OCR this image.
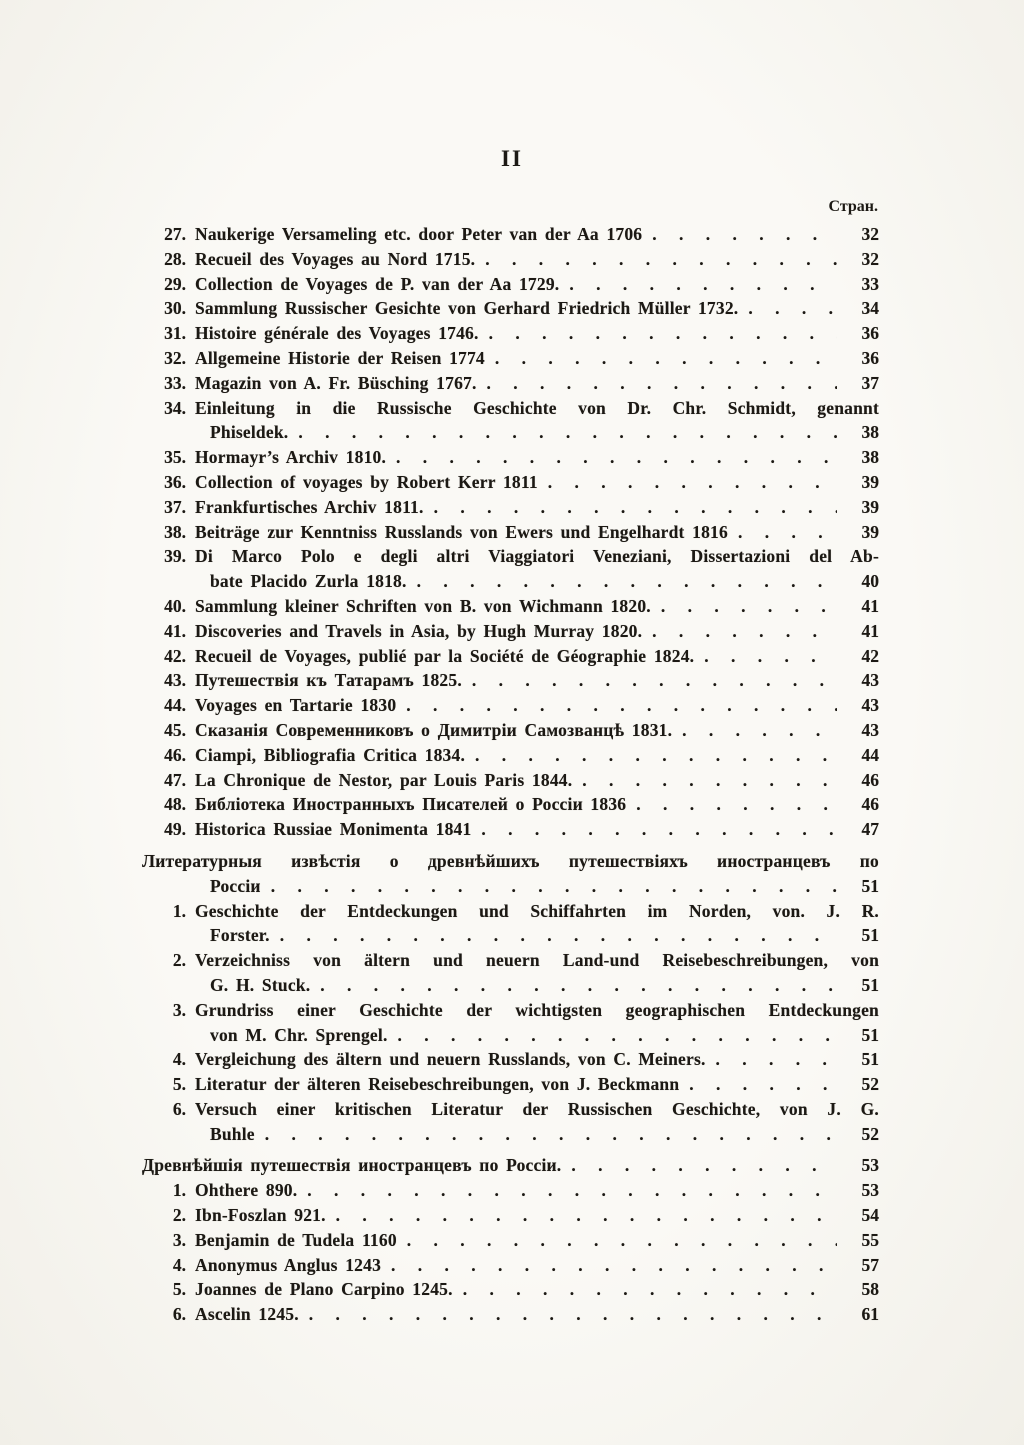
II
Стран.
27. Naukerige Versameling etc. door Peter van der Aa 1706 . . .	32
28. Recueil des Voyages au Nord 1715. . . .	32
29. Collection de Voyages de P. van der Aa 1729. . . .	33
30. Sammlung Russischer Gesichte von Gerhard Friedrich Müller 1732. . . .	34
31. Histoire générale des Voyages 1746. . . .	36
32. Allgemeine Historie der Reisen 1774 . . .	36
33. Magazin von A. Fr. Büsching 1767. . . .	37
34. Einleitung in die Russische Geschichte von Dr. Chr. Schmidt, genannt
Phiseldek. . . .	38
35. Hormayr’s Archiv 1810. . . .	38
36. Collection of voyages by Robert Kerr 1811 . . .	39
37. Frankfurtisches Archiv 1811. . . .	39
38. Beiträge zur Kenntniss Russlands von Ewers und Engelhardt 1816 . . .	39
39. Di Marco Polo e degli altri Viaggiatori Veneziani, Dissertazioni del Ab-
bate Placido Zurla 1818. . . .	40
40. Sammlung kleiner Schriften von B. von Wichmann 1820. . . .	41
41. Discoveries and Travels in Asia, by Hugh Murray 1820. . . .	41
42. Recueil de Voyages, publié par la Société de Géographie 1824. . . .	42
43. Путешествія къ Татарамъ 1825. . . .	43
44. Voyages en Tartarie 1830 . . .	43
45. Сказанія Современниковъ о Димитріи Самозванцѣ 1831. . . .	43
46. Ciampi, Bibliografia Critica 1834. . . .	44
47. La Chronique de Nestor, par Louis Paris 1844. . . .	46
48. Библіотека Иностранныхъ Писателей о Россіи 1836 . . .	46
49. Historica Russiae Monimenta 1841 . . .	47
Литературныя извѣстія о древнѣйшихъ путешествіяхъ иностранцевъ по
Россіи . . .	51
1. Geschichte der Entdeckungen und Schiffahrten im Norden, von. J. R.
Forster. . . .	51
2. Verzeichniss von ältern und neuern Land-und Reisebeschreibungen, von
G. H. Stuck. . . .	51
3. Grundriss einer Geschichte der wichtigsten geographischen Entdeckungen
von M. Chr. Sprengel. . . .	51
4. Vergleichung des ältern und neuern Russlands, von C. Meiners. . . .	51
5. Literatur der älteren Reisebeschreibungen, von J. Beckmann . . .	52
6. Versuch einer kritischen Literatur der Russischen Geschichte, von J. G.
Buhle . . .	52
Древнѣйшія путешествія иностранцевъ по Россіи. . . .	53
1. Ohthere 890. . . .	53
2. Ibn-Foszlan 921. . . .	54
3. Benjamin de Tudela 1160 . . .	55
4. Anonymus Anglus 1243 . . .	57
5. Joannes de Plano Carpino 1245. . . .	58
6. Ascelin 1245. . . .	61
